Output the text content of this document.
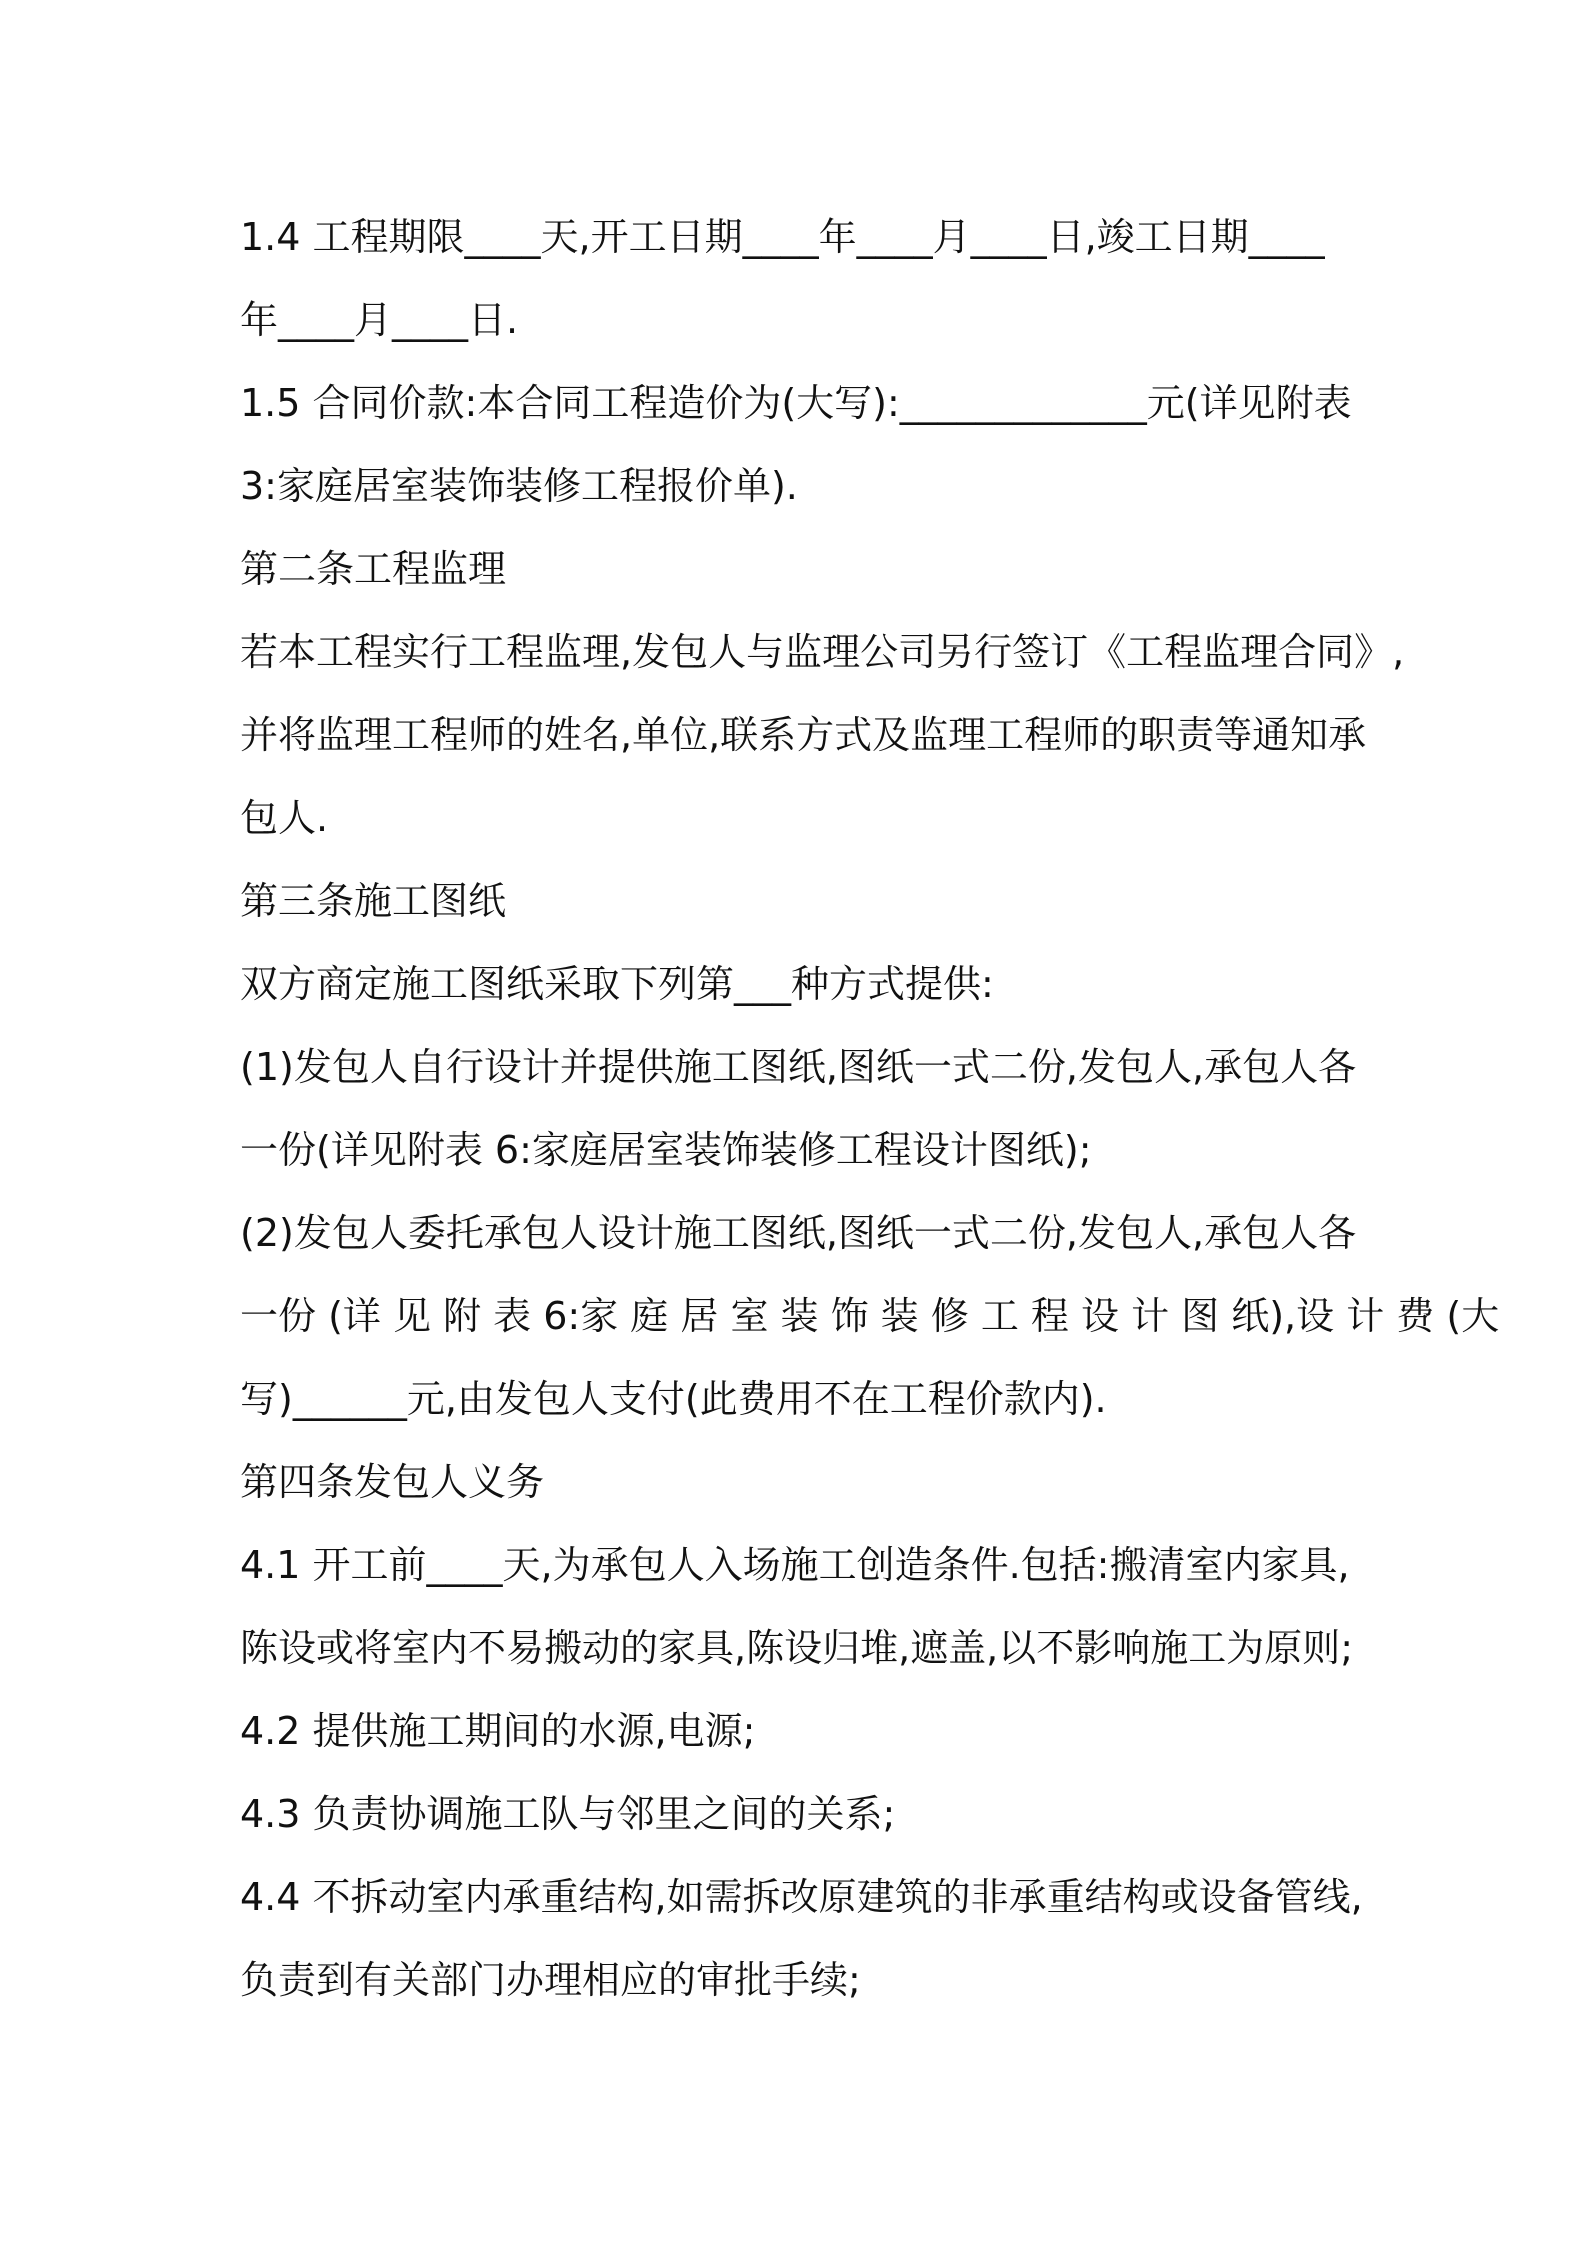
1.4 工程期限____天,开工日期____年____月____日,竣工日期____
年____月____日.
1.5 合同价款:本合同工程造价为(大写):_____________元(详见附表
3:家庭居室装饰装修工程报价单).
第二条工程监理
若本工程实行工程监理,发包人与监理公司另行签订《工程监理合同》,
并将监理工程师的姓名,单位,联系方式及监理工程师的职责等通知承
包人.
第三条施工图纸
双方商定施工图纸采取下列第___种方式提供:
(1)发包人自行设计并提供施工图纸,图纸一式二份,发包人,承包人各
一份(详见附表 6:家庭居室装饰装修工程设计图纸);
(2)发包人委托承包人设计施工图纸,图纸一式二份,发包人,承包人各
一份 (详 见 附 表 6:家 庭 居 室 装 饰 装 修 工 程 设 计 图 纸),设 计 费 (大
写)______元,由发包人支付(此费用不在工程价款内).
第四条发包人义务
4.1 开工前____天,为承包人入场施工创造条件.包括:搬清室内家具,
陈设或将室内不易搬动的家具,陈设归堆,遮盖,以不影响施工为原则;
4.2 提供施工期间的水源,电源;
4.3 负责协调施工队与邻里之间的关系;
4.4 不拆动室内承重结构,如需拆改原建筑的非承重结构或设备管线,
负责到有关部门办理相应的审批手续;
